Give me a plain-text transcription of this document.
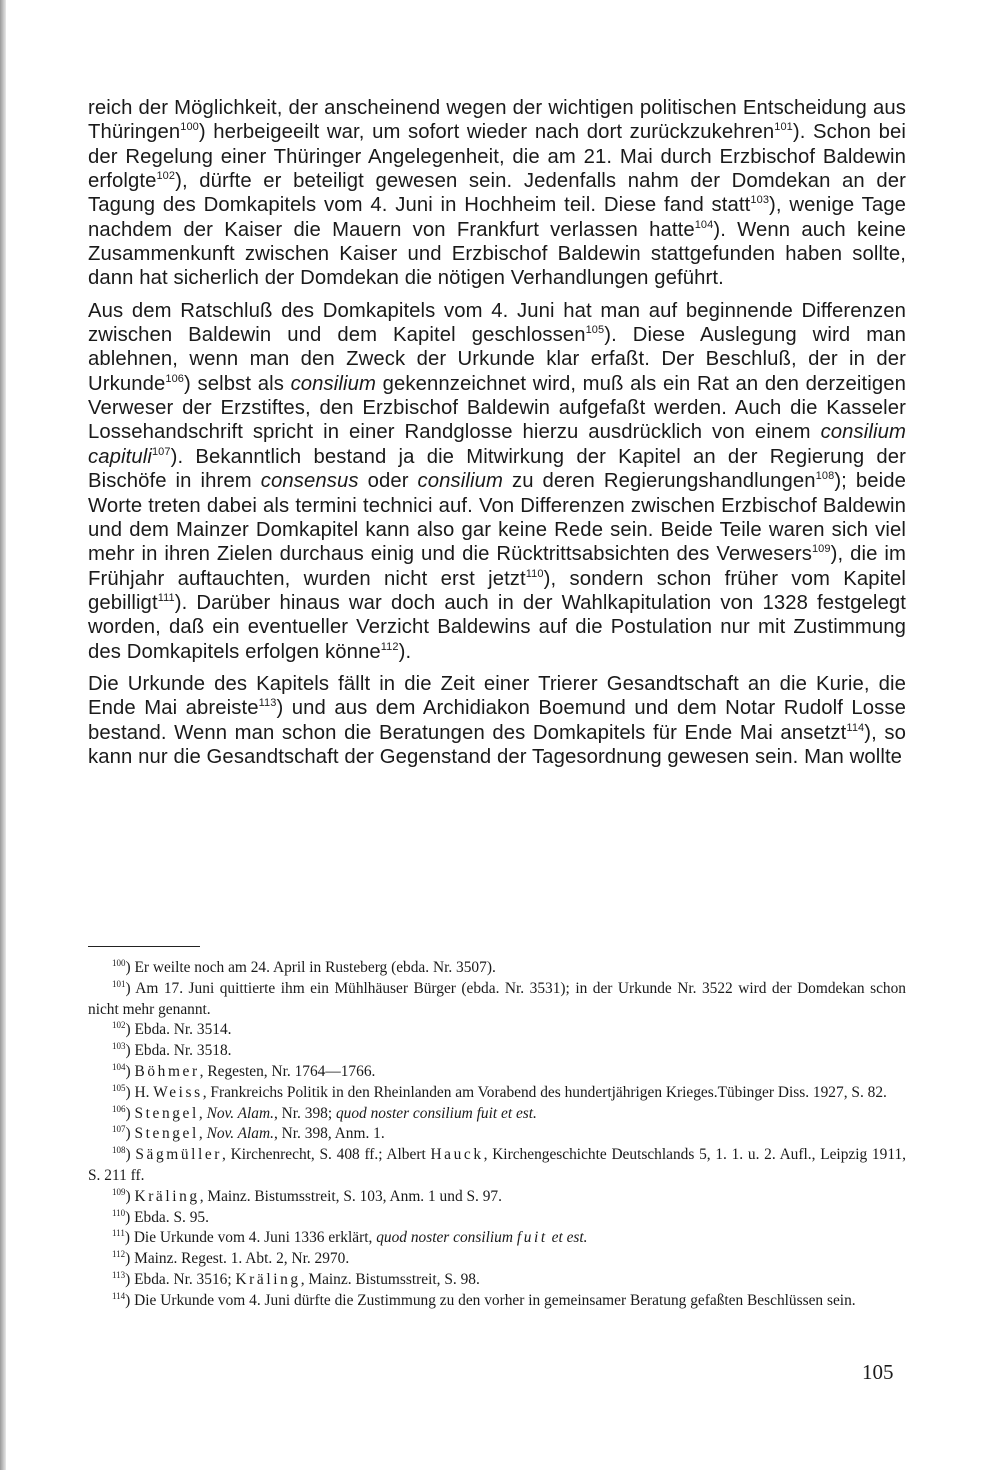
reich der Möglichkeit, der anscheinend wegen der wichtigen politischen Entscheidung aus Thüringen$^{100}$) herbeigeeilt war, um sofort wieder nach dort zurückzukehren$^{101}$). Schon bei der Regelung einer Thüringer Angelegenheit, die am 21. Mai durch Erzbischof Baldewin erfolgte$^{102}$), dürfte er beteiligt gewesen sein. Jedenfalls nahm der Domdekan an der Tagung des Domkapitels vom 4. Juni in Hochheim teil. Diese fand statt$^{103}$), wenige Tage nachdem der Kaiser die Mauern von Frankfurt verlassen hatte$^{104}$). Wenn auch keine Zusammenkunft zwischen Kaiser und Erzbischof Baldewin stattgefunden haben sollte, dann hat sicherlich der Domdekan die nötigen Verhandlungen geführt.

Aus dem Ratschluß des Domkapitels vom 4. Juni hat man auf beginnende Differenzen zwischen Baldewin und dem Kapitel geschlossen$^{105}$). Diese Auslegung wird man ablehnen, wenn man den Zweck der Urkunde klar erfaßt. Der Beschluß, der in der Urkunde$^{106}$) selbst als consilium gekennzeichnet wird, muß als ein Rat an den derzeitigen Verweser der Erzstiftes, den Erzbischof Baldewin aufgefaßt werden. Auch die Kasseler Lossehandschrift spricht in einer Randglosse hierzu ausdrücklich von einem consilium capituli$^{107}$). Bekanntlich bestand ja die Mitwirkung der Kapitel an der Regierung der Bischöfe in ihrem consensus oder consilium zu deren Regierungshandlungen$^{108}$); beide Worte treten dabei als termini technici auf. Von Differenzen zwischen Erzbischof Baldewin und dem Mainzer Domkapitel kann also gar keine Rede sein. Beide Teile waren sich viel mehr in ihren Zielen durchaus einig und die Rücktrittsabsichten des Verwesers$^{109}$), die im Frühjahr auftauchten, wurden nicht erst jetzt$^{110}$), sondern schon früher vom Kapitel gebilligt$^{111}$). Darüber hinaus war doch auch in der Wahlkapitulation von 1328 festgelegt worden, daß ein eventueller Verzicht Baldewins auf die Postulation nur mit Zustimmung des Domkapitels erfolgen könne$^{112}$).

Die Urkunde des Kapitels fällt in die Zeit einer Trierer Gesandtschaft an die Kurie, die Ende Mai abreiste$^{113}$) und aus dem Archidiakon Boemund und dem Notar Rudolf Losse bestand. Wenn man schon die Beratungen des Domkapitels für Ende Mai ansetzt$^{114}$), so kann nur die Gesandtschaft der Gegenstand der Tagesordnung gewesen sein. Man wollte

$^{100}$) Er weilte noch am 24. April in Rusteberg (ebda. Nr. 3507).

$^{101}$) Am 17. Juni quittierte ihm ein Mühlhäuser Bürger (ebda. Nr. 3531); in der Urkunde Nr. 3522 wird der Domdekan schon nicht mehr genannt.

$^{102}$) Ebda. Nr. 3514.

$^{103}$) Ebda. Nr. 3518.

$^{104}$) Böhmer, Regesten, Nr. 1764—1766.

$^{105}$) H. Weiss, Frankreichs Politik in den Rheinlanden am Vorabend des hundertjährigen Krieges.Tübinger Diss. 1927, S. 82.

$^{106}$) Stengel, Nov. Alam., Nr. 398; quod noster consilium fuit et est.

$^{107}$) Stengel, Nov. Alam., Nr. 398, Anm. 1.

$^{108}$) Sägmüller, Kirchenrecht, S. 408 ff.; Albert Hauck, Kirchengeschichte Deutschlands 5, 1. 1. u. 2. Aufl., Leipzig 1911, S. 211 ff.

$^{109}$) Kräling, Mainz. Bistumsstreit, S. 103, Anm. 1 und S. 97.

$^{110}$) Ebda. S. 95.

$^{111}$) Die Urkunde vom 4. Juni 1336 erklärt, quod noster consilium fuit et est.

$^{112}$) Mainz. Regest. 1. Abt. 2, Nr. 2970.

$^{113}$) Ebda. Nr. 3516; Kräling, Mainz. Bistumsstreit, S. 98.

$^{114}$) Die Urkunde vom 4. Juni dürfte die Zustimmung zu den vorher in gemeinsamer Beratung gefaßten Beschlüssen sein.

105
